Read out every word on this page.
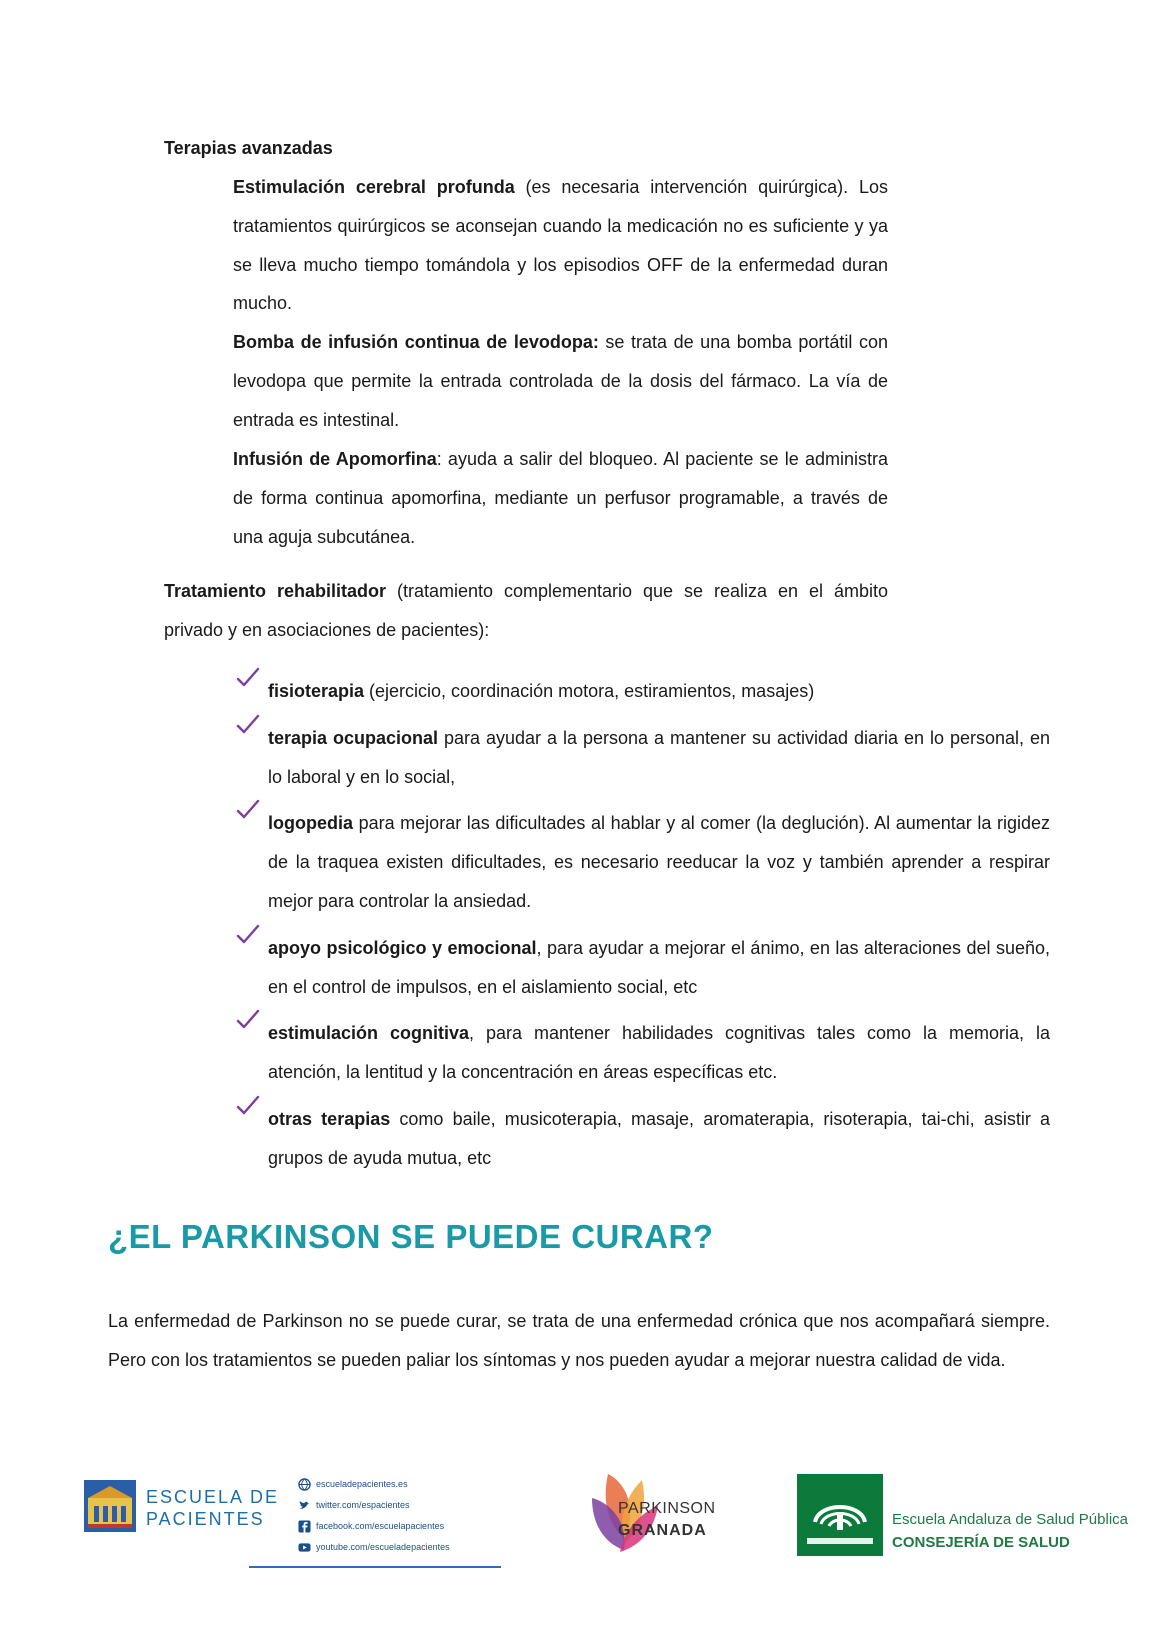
Terapias avanzadas

Estimulación cerebral profunda (es necesaria intervención quirúrgica). Los tratamientos quirúrgicos se aconsejan cuando la medicación no es suficiente y ya se lleva mucho tiempo tomándola y los episodios OFF de la enfermedad duran mucho.

Bomba de infusión continua de levodopa: se trata de una bomba portátil con levodopa que permite la entrada controlada de la dosis del fármaco. La vía de entrada es intestinal.

Infusión de Apomorfina: ayuda a salir del bloqueo. Al paciente se le administra de forma continua apomorfina, mediante un perfusor programable, a través de una aguja subcutánea.

Tratamiento rehabilitador (tratamiento complementario que se realiza en el ámbito privado y en asociaciones de pacientes):

fisioterapia (ejercicio, coordinación motora, estiramientos, masajes)
terapia ocupacional para ayudar a la persona a mantener su actividad diaria en lo personal, en lo laboral y en lo social,
logopedia para mejorar las dificultades al hablar y al comer (la deglución). Al aumentar la rigidez de la traquea existen dificultades, es necesario reeducar la voz y también aprender a respirar mejor para controlar la ansiedad.
apoyo psicológico y emocional, para ayudar a mejorar el ánimo, en las alteraciones del sueño, en el control de impulsos, en el aislamiento social, etc
estimulación cognitiva, para mantener habilidades cognitivas tales como la memoria, la atención, la lentitud y la concentración en áreas específicas etc.
otras terapias como baile, musicoterapia, masaje, aromaterapia, risoterapia, tai-chi, asistir a grupos de ayuda mutua, etc
¿EL PARKINSON SE PUEDE CURAR?

La enfermedad de Parkinson no se puede curar, se trata de una enfermedad crónica que nos acompañará siempre. Pero con los tratamientos se pueden paliar los síntomas y nos pueden ayudar a mejorar nuestra calidad de vida.

ESCUELA DE
PACIENTES
escueladepacientes.es
twitter.com/espacientes
facebook.com/escuelapacientes
youtube.com/escueladepacientes
PARKINSON
GRANADA
Escuela Andaluza de Salud Pública
CONSEJERÍA DE SALUD
